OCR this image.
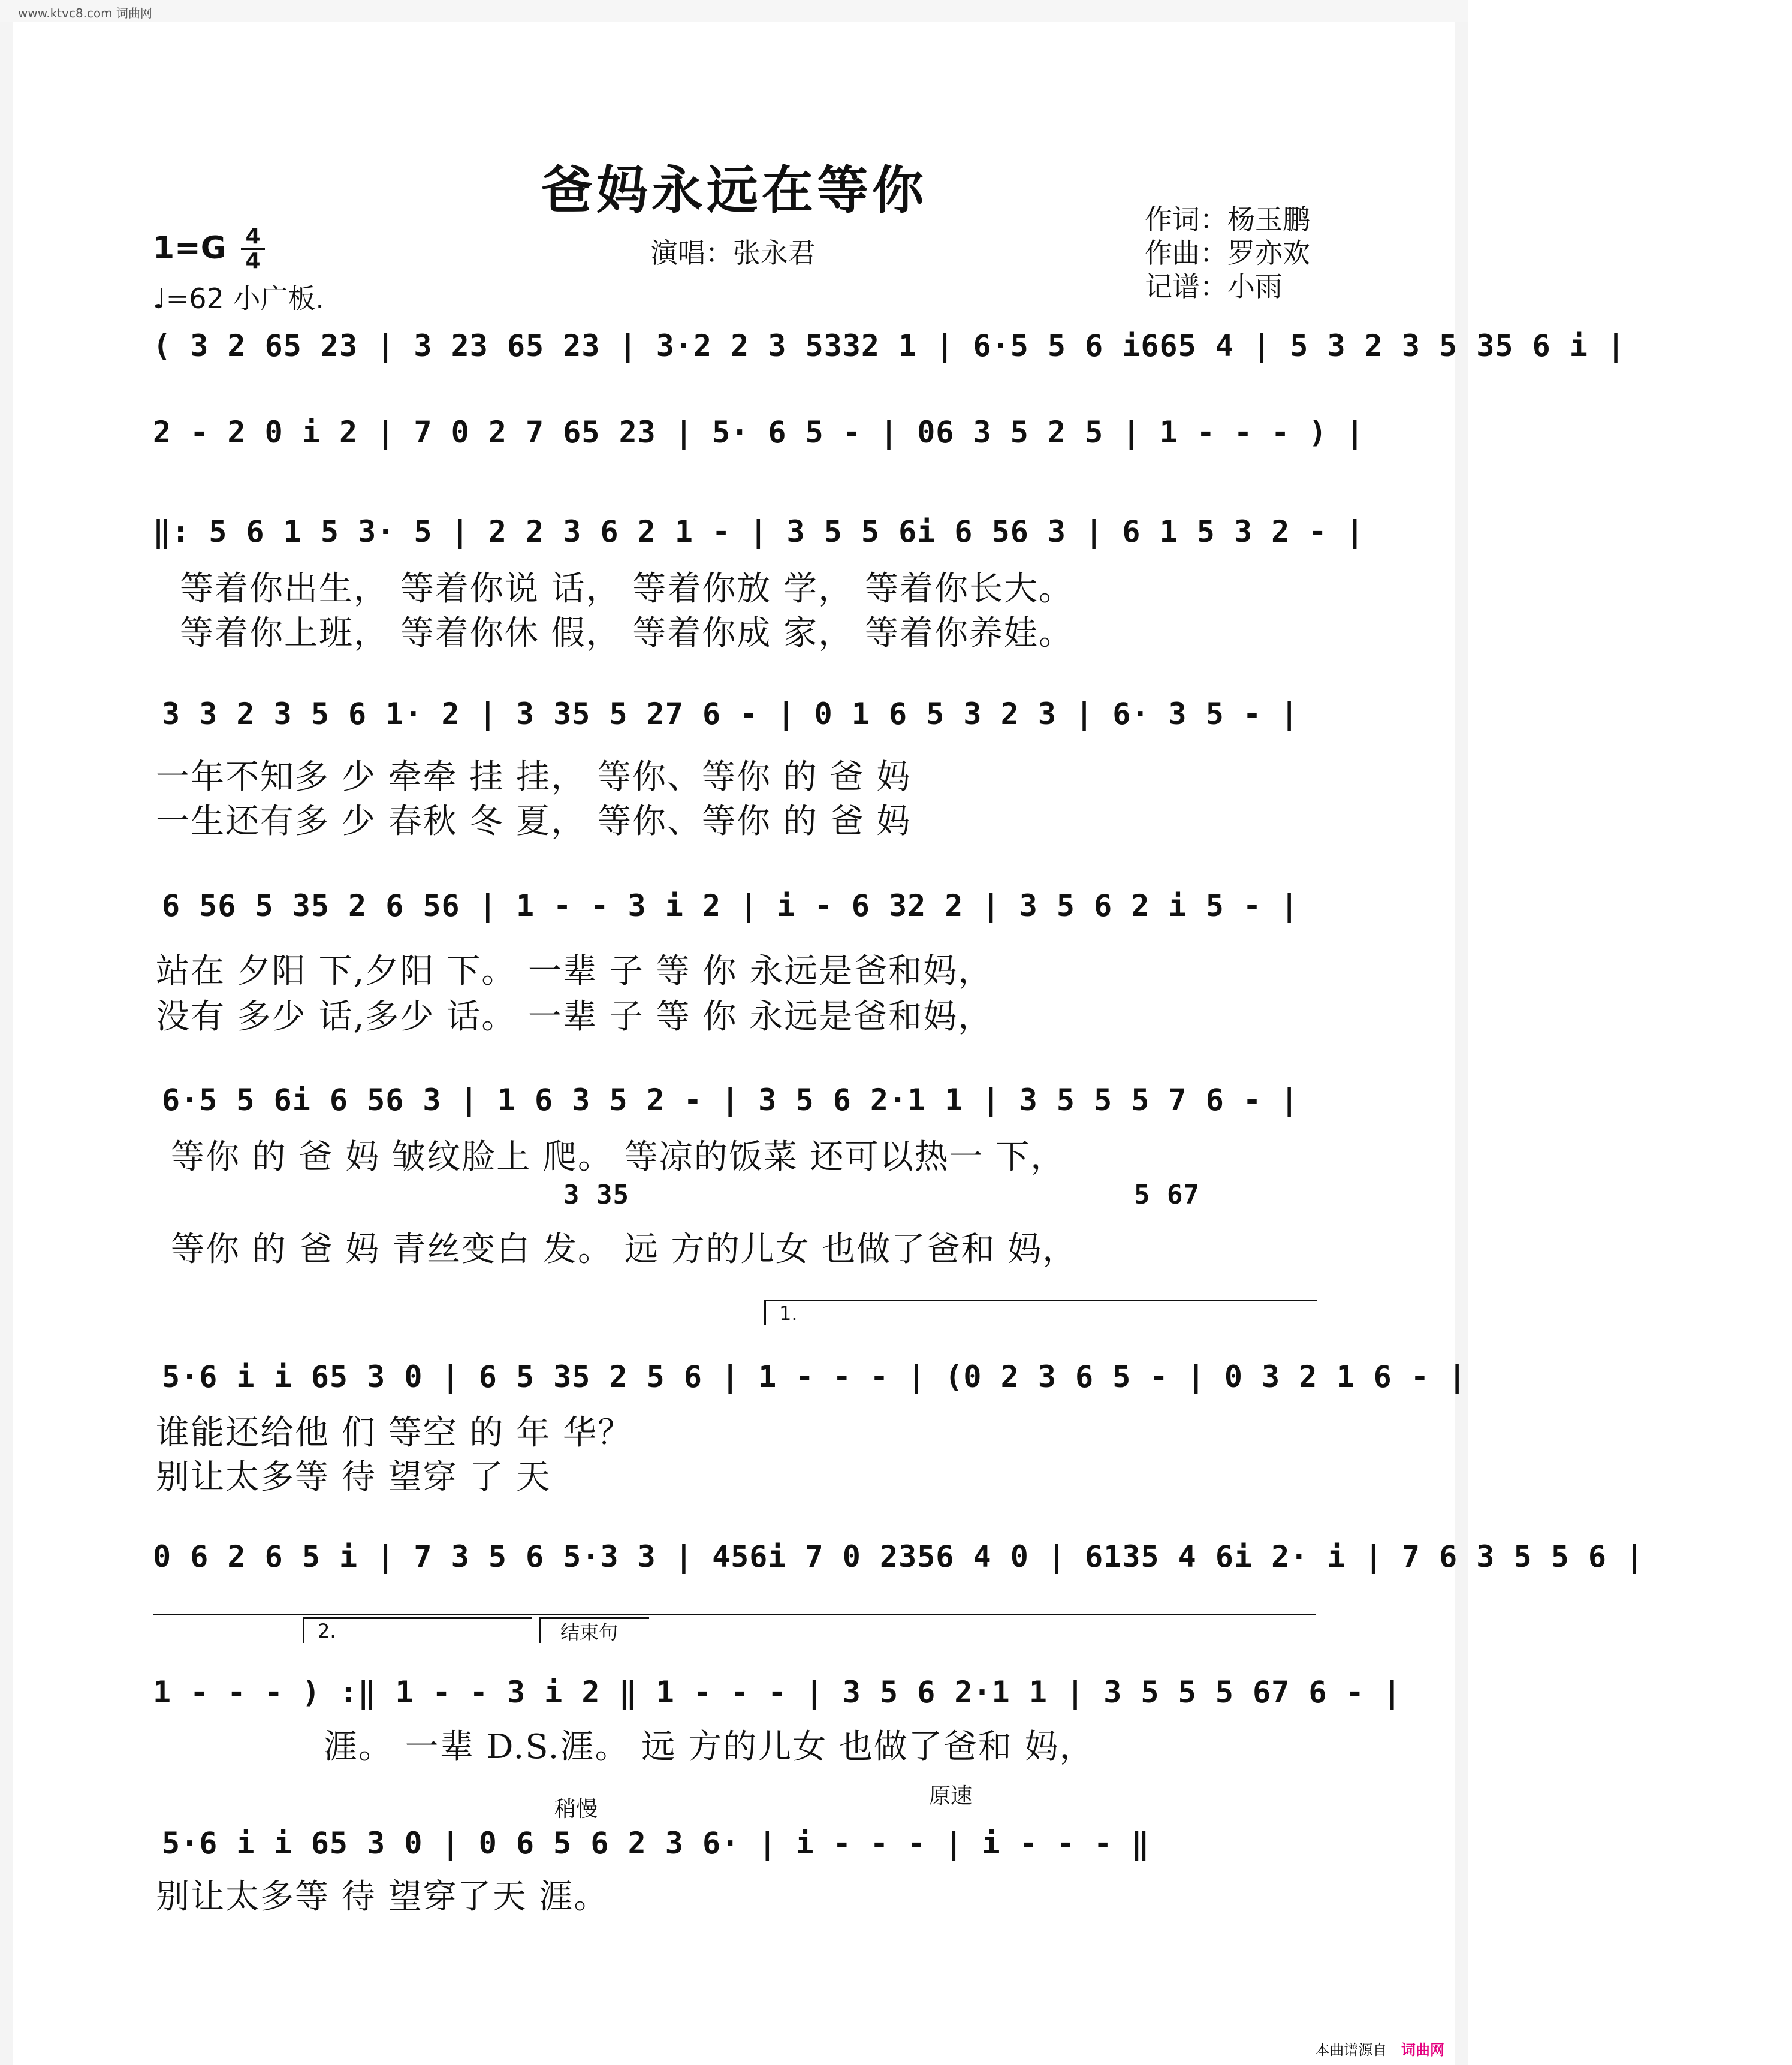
www.ktvc8.com 词曲网
爸妈永远在等你	作词：杨玉鹏
作曲：罗亦欢
记谱：小雨
演唱：张永君
1=G 4
4
♩=62 小广板.
( 3 2 65 23 | 3 23 65 23 | 3·2 2 3 5332 1 | 6·5 5 6 i665 4 | 5 3 2 3 5 35 6 i |
2 - 2 0 i 2 | 7 0 2 7 65 23 | 5· 6 5 - | 06 3 5 2 5 | 1 - - - ) |
‖: 5 6 1 5 3· 5 | 2 2 3 6 2 1 - | 3 5 5 6i 6 56 3 | 6 1 5 3 2 - |
等着你出生， 等着你说 话， 等着你放 学， 等着你长大。
等着你上班， 等着你休 假， 等着你成 家， 等着你养娃。
3 3 2 3 5 6 1· 2 | 3 35 5 27 6 - | 0 1 6 5 3 2 3 | 6· 3 5 - |
一年不知多 少 牵牵 挂 挂， 等你、等你 的 爸 妈
一生还有多 少 春秋 冬 夏， 等你、等你 的 爸 妈
6 56 5 35 2 6 56 | 1 - - 3 i 2 | i - 6 32 2 | 3 5 6 2 i 5 - |
站在 夕阳 下,夕阳 下。 一辈 子 等 你 永远是爸和妈，
没有 多少 话,多少 话。 一辈 子 等 你 永远是爸和妈，
6·5 5 6i 6 56 3 | 1 6 3 5 2 - | 3 5 6 2·1 1 | 3 5 5 5 7 6 - |
等你 的 爸 妈 皱纹脸上 爬。 等凉的饭菜 还可以热一 下，
3 35	5 67
等你 的 爸 妈 青丝变白 发。 远 方的儿女 也做了爸和 妈，
1.
5·6 i i 65 3 0 | 6 5 35 2 5 6 | 1 - - - | (0 2 3 6 5 - | 0 3 2 1 6 - |
谁能还给他 们 等空 的 年 华？
别让太多等 待 望穿 了 天
0 6 2 6 5 i | 7 3 5 6 5·3 3 | 456i 7 0 2356 4 0 | 6135 4 6i 2· i | 7 6 3 5 5 6 |
2.	结束句
1 - - - ) :‖ 1 - - 3 i 2 ‖ 1 - - - | 3 5 6 2·1 1 | 3 5 5 5 67 6 - |
涯。 一辈 D.S.涯。 远 方的儿女 也做了爸和 妈，
稍慢
原速
5·6 i i 65 3 0 | 0 6 5 6 2 3 6· | i - - - | i - - - ‖
别让太多等 待 望穿了天 涯。
本曲谱源自 词曲网
